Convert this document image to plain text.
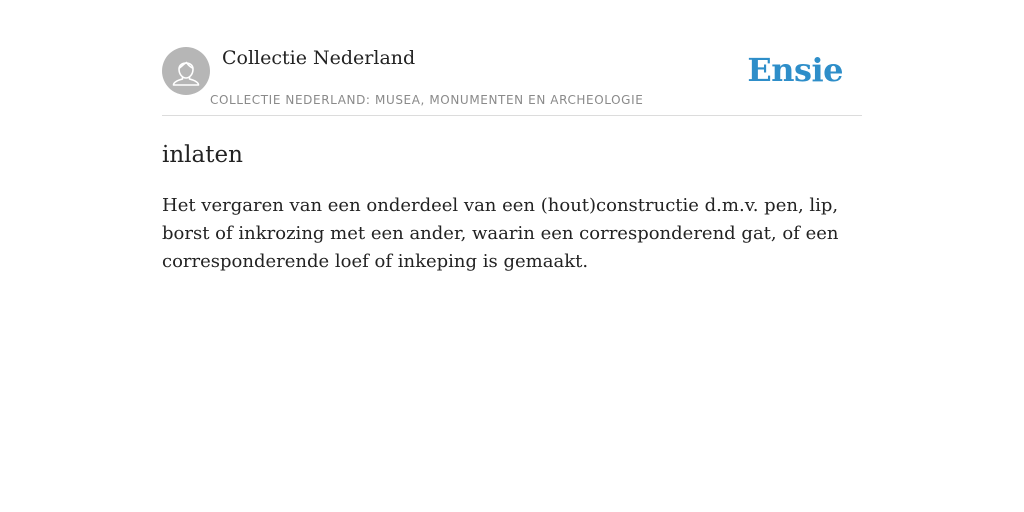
Collectie Nederland
COLLECTIE NEDERLAND: MUSEA, MONUMENTEN EN ARCHEOLOGIE
Ensie
inlaten
Het vergaren van een onderdeel van een (hout)constructie d.m.v. pen, lip, borst of inkrozing met een ander, waarin een corresponderend gat, of een corresponderende loef of inkeping is gemaakt.
